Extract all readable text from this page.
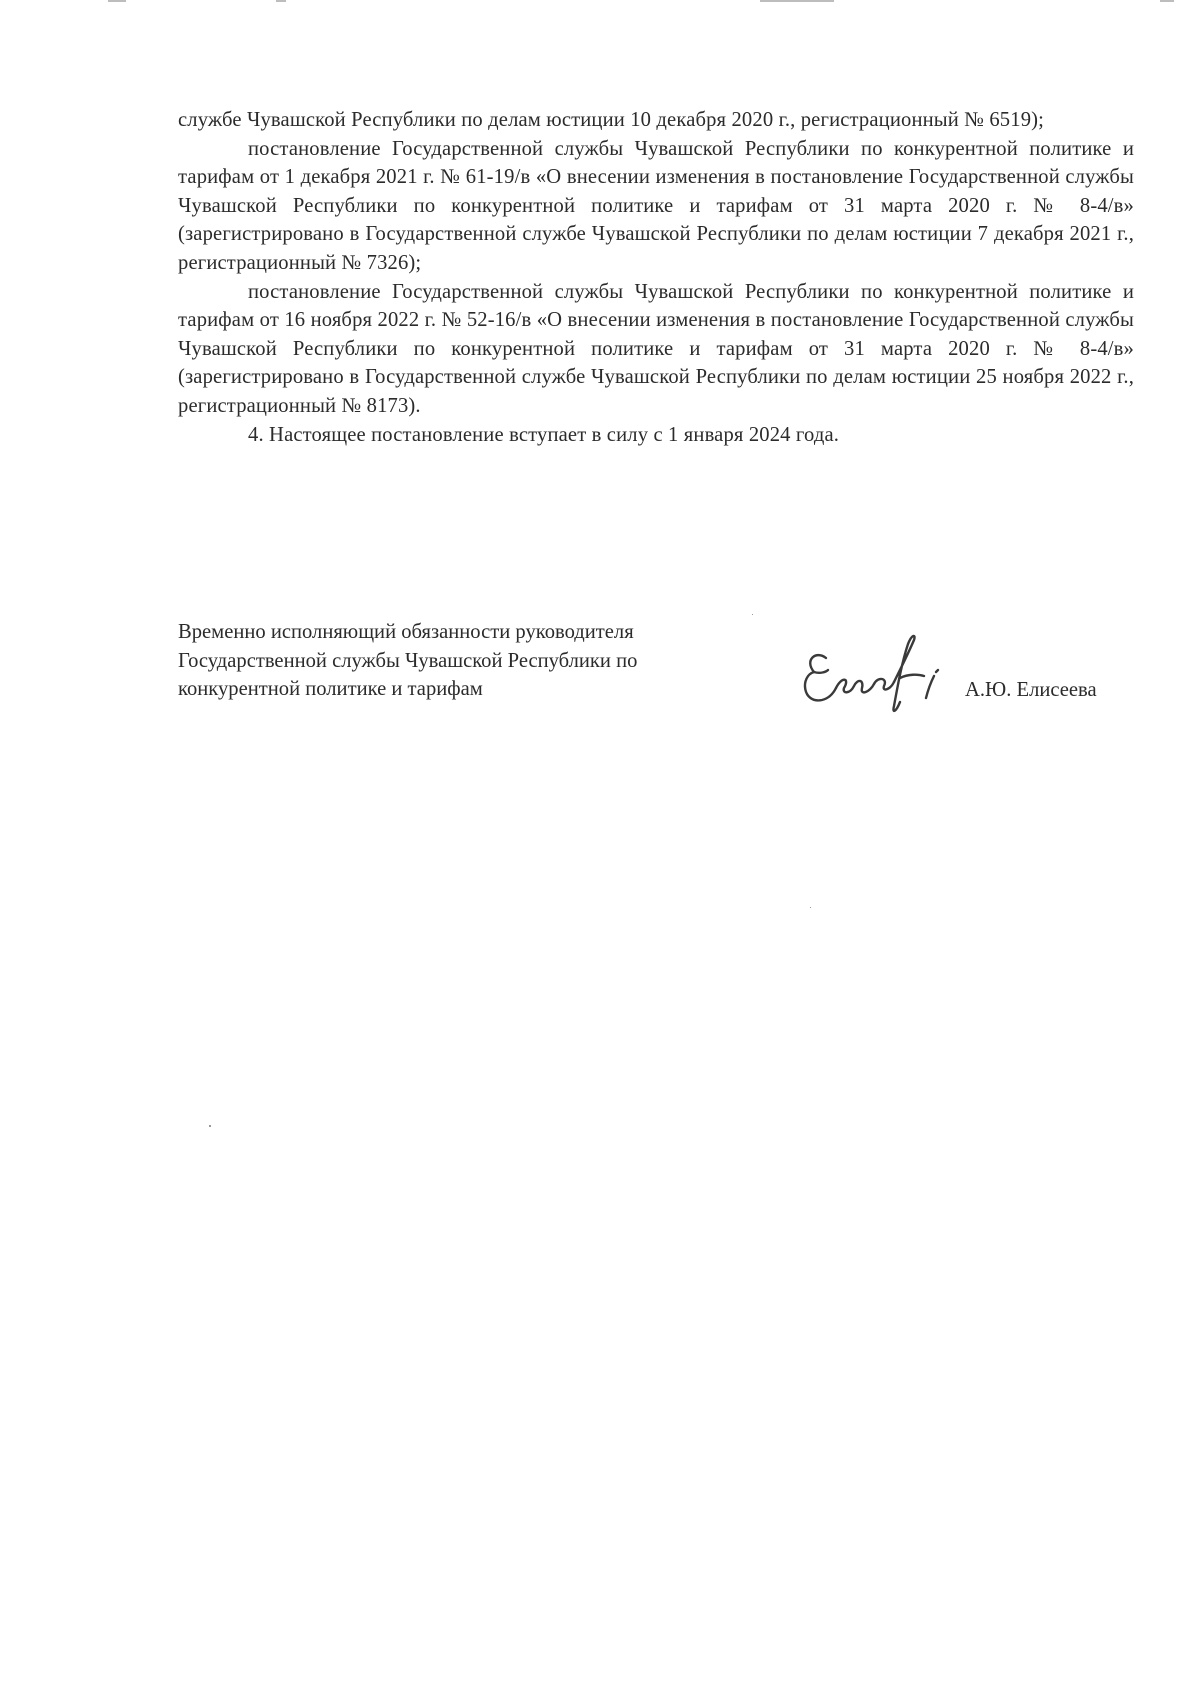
службе Чувашской Республики по делам юстиции 10 декабря 2020 г., регистрационный № 6519);

постановление Государственной службы Чувашской Республики по конкурентной политике и тарифам от 1 декабря 2021 г. № 61-19/в «О внесении изменения в постановление Государственной службы Чувашской Республики по конкурентной политике и тарифам от 31 марта 2020 г. № 8-4/в» (зарегистрировано в Государственной службе Чувашской Республики по делам юстиции 7 декабря 2021 г., регистрационный № 7326);

постановление Государственной службы Чувашской Республики по конкурентной политике и тарифам от 16 ноября 2022 г. № 52-16/в «О внесении изменения в постановление Государственной службы Чувашской Республики по конкурентной политике и тарифам от 31 марта 2020 г. № 8-4/в» (зарегистрировано в Государственной службе Чувашской Республики по делам юстиции 25 ноября 2022 г., регистрационный № 8173).

4. Настоящее постановление вступает в силу с 1 января 2024 года.

Временно исполняющий обязанности руководителя
Государственной службы Чувашской Республики по
конкурентной политике и тарифам	А.Ю. Елисеева
